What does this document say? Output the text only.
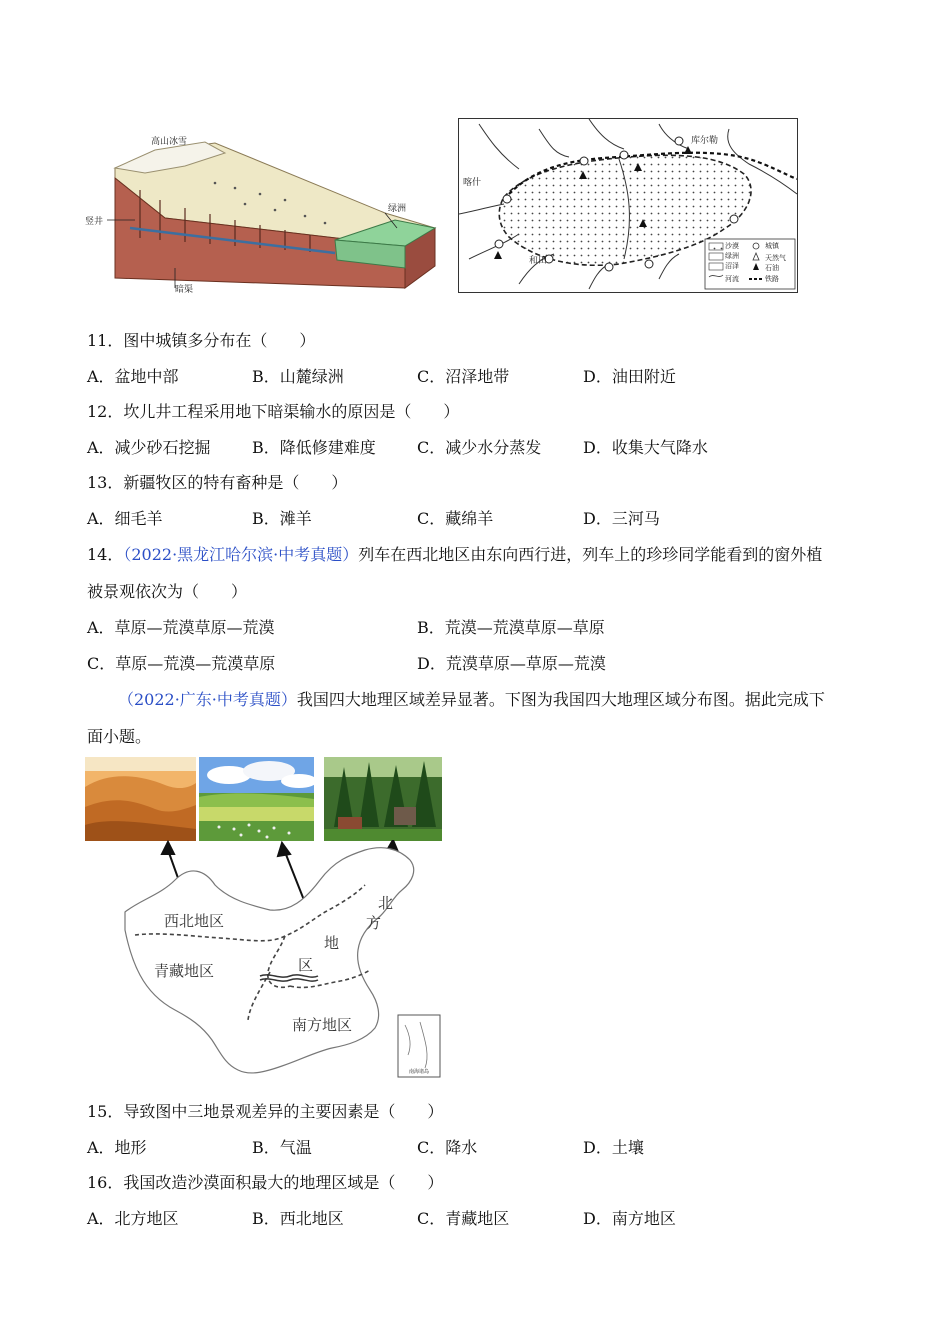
高山冰雪
竖井
绿洲
暗渠
库尔勒
喀什
和田
沙漠
绿洲
沼泽
河流
城镇
天然气
石油
铁路
11．图中城镇多分布在（　　）
A．盆地中部	B．山麓绿洲	C．沼泽地带	D．油田附近
12．坎儿井工程采用地下暗渠输水的原因是（　　）
A．减少砂石挖掘	B．降低修建难度	C．减少水分蒸发	D．收集大气降水
13．新疆牧区的特有畜种是（　　）
A．细毛羊	B．滩羊	C．藏绵羊	D．三河马
14．（2022·黑龙江哈尔滨·中考真题）列车在西北地区由东向西行进，列车上的珍珍同学能看到的窗外植
被景观依次为（　　）
A．草原—荒漠草原—荒漠	B．荒漠—荒漠草原—草原
C．草原—荒漠—荒漠草原	D．荒漠草原—草原—荒漠
（2022·广东·中考真题）我国四大地理区域差异显著。下图为我国四大地理区域分布图。据此完成下
面小题。
西北地区
青藏地区
南方地区
北
方
地
区
南海诸岛
15．导致图中三地景观差异的主要因素是（　　）
A．地形	B．气温	C．降水	D．土壤
16．我国改造沙漠面积最大的地理区域是（　　）
A．北方地区	B．西北地区	C．青藏地区	D．南方地区
